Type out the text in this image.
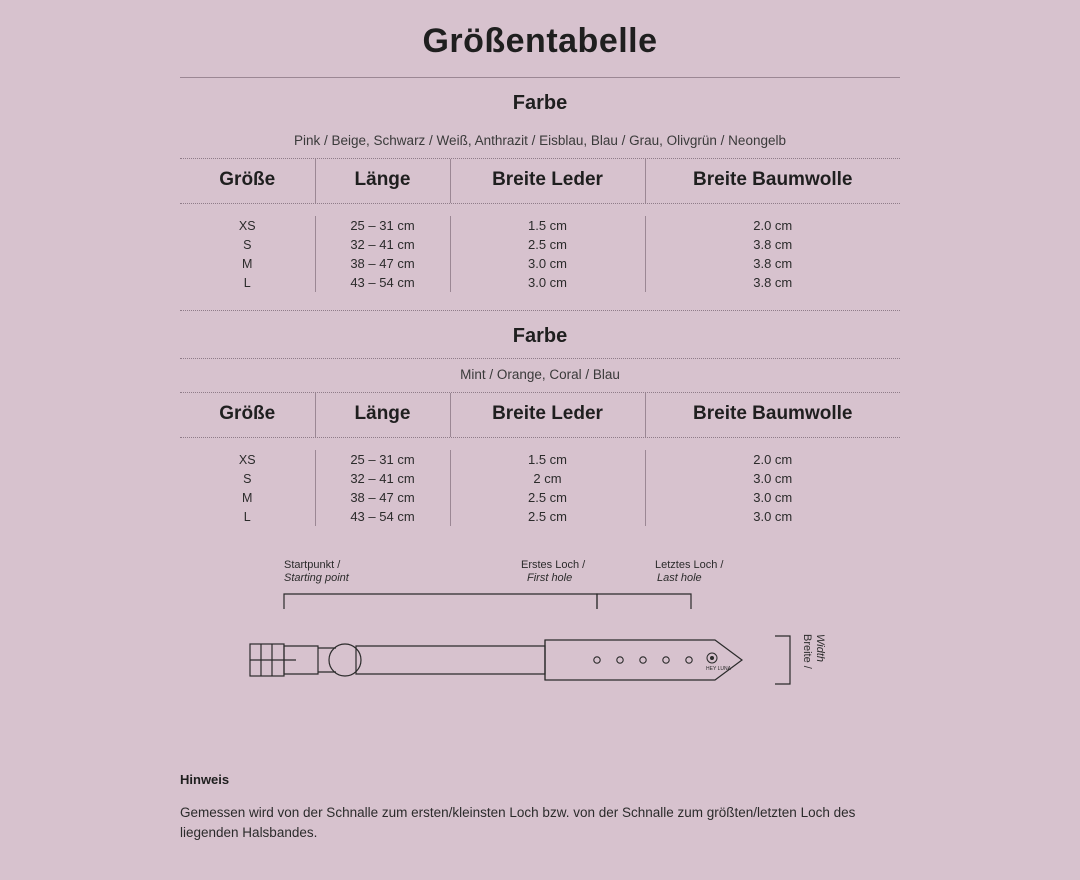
Größentabelle
Farbe
Pink / Beige, Schwarz / Weiß, Anthrazit / Eisblau, Blau / Grau, Olivgrün / Neongelb
Größe	Länge	Breite Leder	Breite Baumwolle

XS	25 – 31 cm	1.5 cm	2.0 cm
S	32 – 41 cm	2.5 cm	3.8 cm
M	38 – 47 cm	3.0 cm	3.8 cm
L	43 – 54 cm	3.0 cm	3.8 cm

Farbe
Mint / Orange, Coral / Blau
Größe	Länge	Breite Leder	Breite Baumwolle

XS	25 – 31 cm	1.5 cm	2.0 cm
S	32 – 41 cm	2 cm	3.0 cm
M	38 – 47 cm	2.5 cm	3.0 cm
L	43 – 54 cm	2.5 cm	3.0 cm
HEY LUNA
Startpunkt /
Starting point
Erstes Loch /
First hole
Letztes Loch /
Last hole
Breite / Width
Hinweis
Gemessen wird von der Schnalle zum ersten/kleinsten Loch bzw. von der Schnalle zum größten/letzten Loch des liegenden Halsbandes.
